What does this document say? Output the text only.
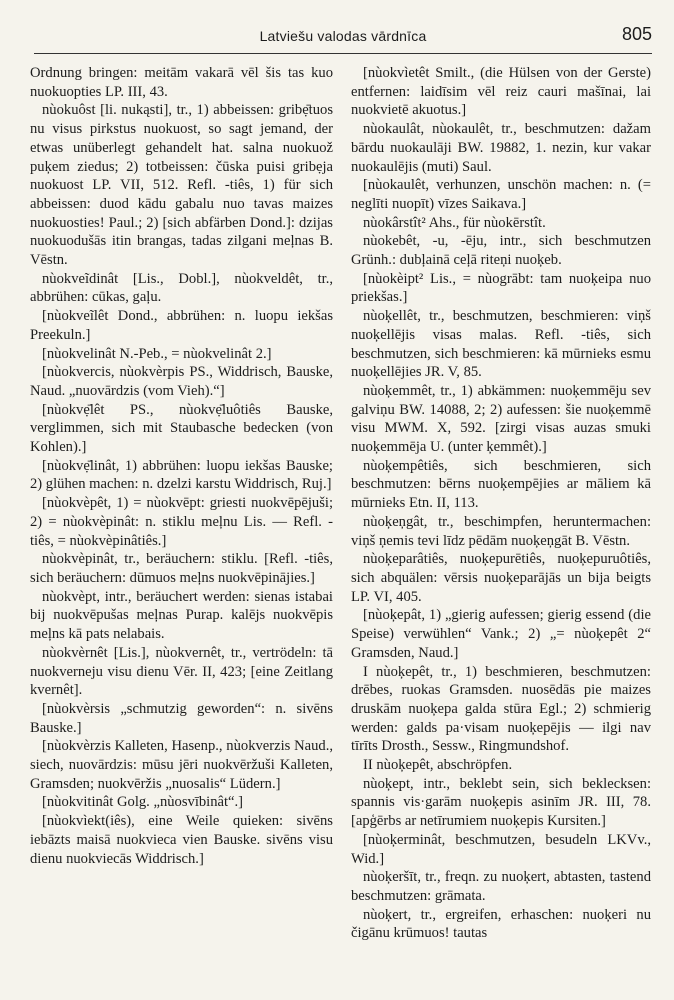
Latviešu valodas vārdnīca	805

Ordnung bringen: meitām vakarā vēl šis tas kuo nuokuopties LP. III, 43.

nùokuôst [li. nukąsti], tr., 1) abbeissen: gribẹ̄tuos nu visus pirkstus nuokuost, so sagt jemand, der etwas unüberlegt gehandelt hat. salna nuokuož puķem ziedus; 2) totbeissen: čūska puisi gribẹja nuokuost LP. VII, 512. Refl. -tiês, 1) für sich abbeissen: duod kādu gabalu nuo tavas maizes nuokuosties! Paul.; 2) [sich abfärben Dond.]: dzijas nuokuodušās itin brangas, tadas zilgani meļnas B. Vēstn.

nùokveĩdinât [Lis., Dobl.], nùokveldêt, tr., abbrühen: cūkas, gaļu.

[nùokveĩlêt Dond., abbrühen: n. luopu iekšas Preekuln.]

[nùokvelinât N.-Peb., = nùokvelinât 2.]

[nùokvercis, nùokvèrpis PS., Widdrisch, Bauske, Naud. „nuovārdzis (vom Vieh).“]

[nùokvẹ̄lêt PS., nùokvẹ̄luôtiês Bauske, verglimmen, sich mit Staubasche bedecken (von Kohlen).]

[nùokvẹ̄linât, 1) abbrühen: luopu iekšas Bauske; 2) glühen machen: n. dzelzi karstu Widdrisch, Ruj.]

[nùokvèpêt, 1) = nùokvēpt: griesti nuokvēpējuši; 2) = nùokvèpinât: n. stiklu meļnu Lis. — Refl. -tiês, = nùokvèpinâtiês.]

nùokvèpinât, tr., beräuchern: stiklu. [Refl. -tiês, sich beräuchern: dūmuos meļns nuokvēpinājies.]

nùokvèpt, intr., beräuchert werden: sienas istabai bij nuokvēpušas meļnas Purap. kalējs nuokvēpis meļns kā pats nelabais.

nùokvèrnêt [Lis.], nùokvernêt, tr., vertrödeln: tā nuokverneju visu dienu Vēr. II, 423; [eine Zeitlang kvernêt].

[nùokvèrsis „schmutzig geworden“: n. sivēns Bauske.]

[nùokvèrzis Kalleten, Hasenp., nùokverzis Naud., siech, nuovārdzis: mūsu jēri nuokvēržuši Kalleten, Gramsden; nuokvēržis „nuosalis“ Lüdern.]

[nùokvitinât Golg. „nùosvībinât“.]

[nùokvìekt(iês), eine Weile quieken: sivēns iebāzts maisā nuokvieca vien Bauske. sivēns visu dienu nuokviecās Widdrisch.]

[nùokvìetêt Smilt., (die Hülsen von der Gerste) entfernen: laidīsim vēl reiz cauri mašīnai, lai nuokvietē akuotus.]

nùokaulât, nùokaulêt, tr., beschmutzen: dažam bārdu nuokaulāji BW. 19882, 1. nezin, kur vakar nuokaulējis (muti) Saul.

[nùokaulêt, verhunzen, unschön machen: n. (= neglīti nuopīt) vīzes Saikava.]

nùokârstît² Ahs., für nùokērstît.

nùokebêt, -u, -ēju, intr., sich beschmutzen Grünh.: dubļainā ceļā riteņi nuoķeb.

[nùokèipt² Lis., = nùogrābt: tam nuoķeipa nuo priekšas.]

nùoķellêt, tr., beschmutzen, beschmieren: viņš nuoķellējis visas malas. Refl. -tiês, sich beschmutzen, sich beschmieren: kā mūrnieks esmu nuoķellējies JR. V, 85.

nùoķemmêt, tr., 1) abkämmen: nuoķemmēju sev galviņu BW. 14088, 2; 2) aufessen: šie nuoķemmē visu MWM. X, 592. [zirgi visas auzas smuki nuoķemmēja U. (unter ķemmêt).]

nùoķempêtiês, sich beschmieren, sich beschmutzen: bērns nuoķempējies ar māliem kā mūrnieks Etn. II, 113.

nùoķeņgât, tr., beschimpfen, heruntermachen: viņš ņemis tevi līdz pēdām nuoķeņgāt B. Vēstn.

nùoķeparâtiês, nuoķepurētiês, nuoķepuruôtiês, sich abquälen: vērsis nuoķeparājās un bija beigts LP. VI, 405.

[nùoķepât, 1) „gierig aufessen; gierig essend (die Speise) verwühlen“ Vank.; 2) „= nùoķepêt 2“ Gramsden, Naud.]

I nùoķepêt, tr., 1) beschmieren, beschmutzen: drēbes, ruokas Gramsden. nuosēdās pie maizes druskām nuoķepa galda stūra Egl.; 2) schmierig werden: galds pa·visam nuoķepējis — ilgi nav tīrīts Drosth., Sessw., Ringmundshof.

II nùoķepêt, abschröpfen.

nùoķept, intr., beklebt sein, sich beklecksen: spannis vis·garām nuoķepis asinīm JR. III, 78. [apģērbs ar netīrumiem nuoķepis Kursiten.]

[nùoķerminât, beschmutzen, besudeln LKVv., Wid.]

nùoķeršīt, tr., freqn. zu nuoķert, abtasten, tastend beschmutzen: grāmata.

nùoķert, tr., ergreifen, erhaschen: nuoķeri nu čigānu krūmuos! tautas
